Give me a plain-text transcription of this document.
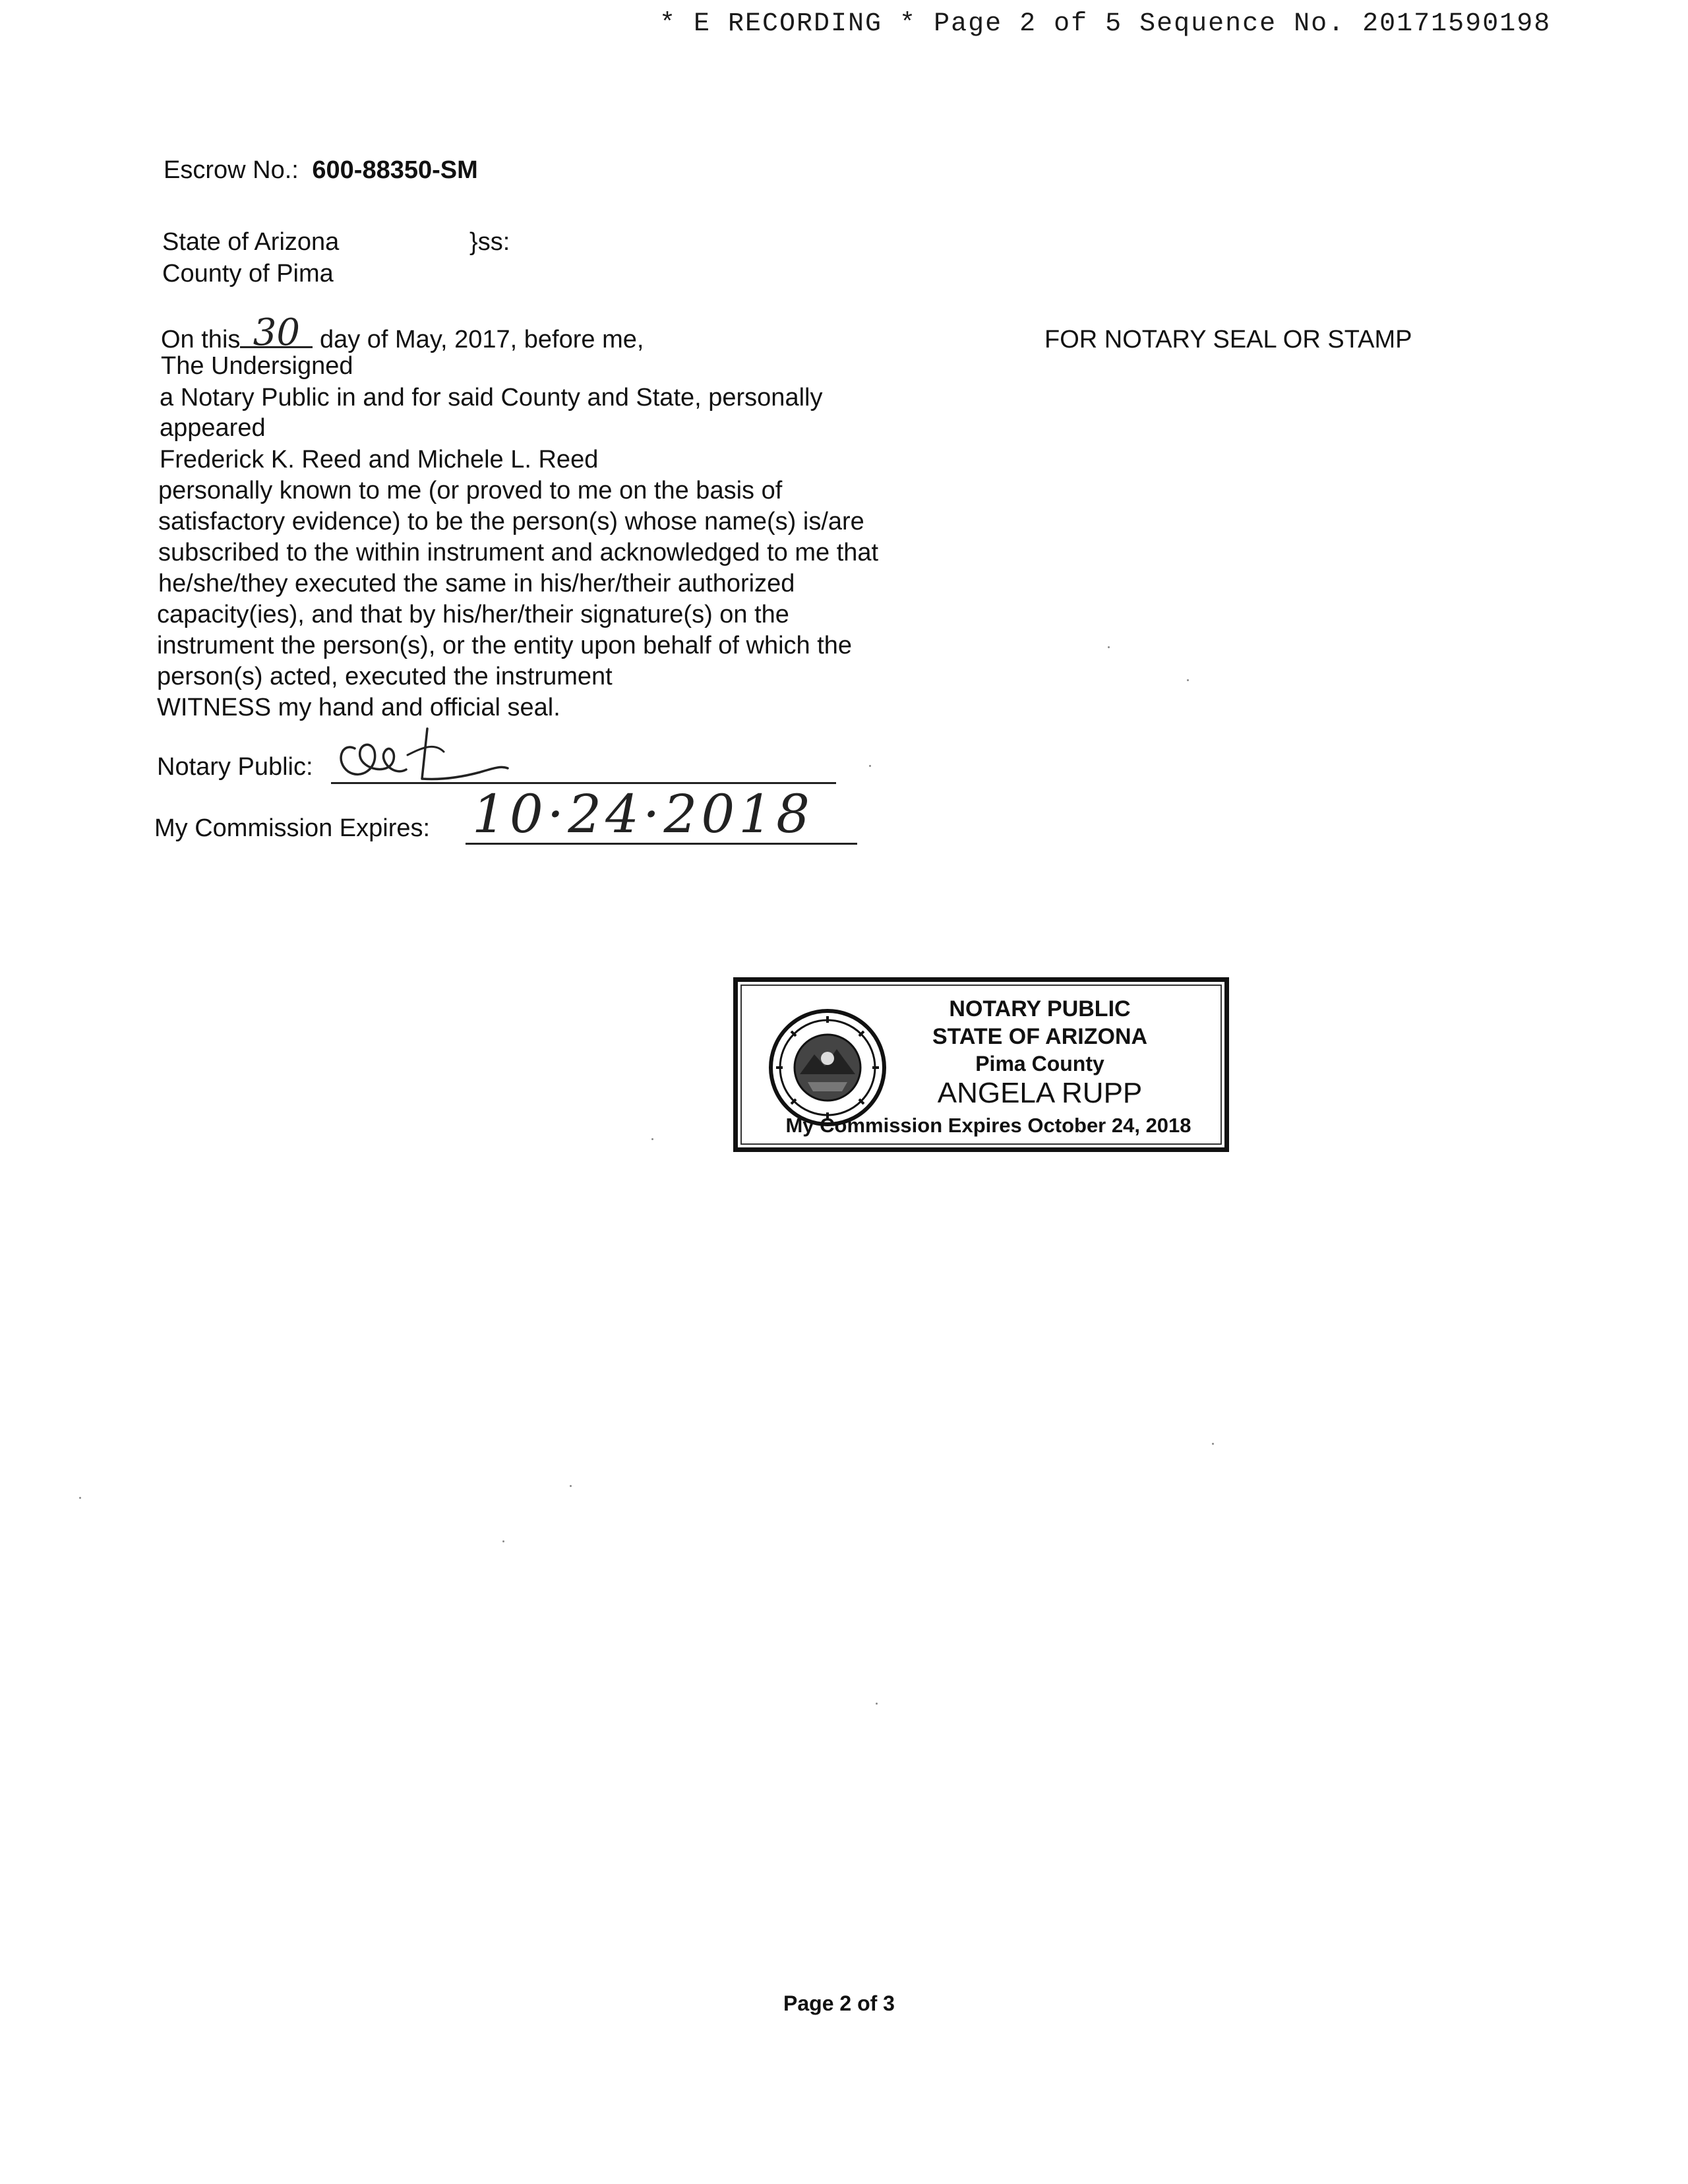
* E RECORDING * Page 2 of 5 Sequence No. 20171590198
Escrow No.: 600-88350-SM
State of Arizona	}ss:
County of Pima
On this 30 day of May, 2017, before me,	FOR NOTARY SEAL OR STAMP
The Undersigned
a Notary Public in and for said County and State, personally
appeared
Frederick K. Reed and Michele L. Reed
personally known to me (or proved to me on the basis of
satisfactory evidence) to be the person(s) whose name(s) is/are
subscribed to the within instrument and acknowledged to me that
he/she/they executed the same in his/her/their authorized
capacity(ies), and that by his/her/their signature(s) on the
instrument the person(s), or the entity upon behalf of which the
person(s) acted, executed the instrument
WITNESS my hand and official seal.
Notary Public:
My Commission Expires: 10·24·2018
NOTARY PUBLIC
STATE OF ARIZONA
Pima County
ANGELA RUPP
My Commission Expires October 24, 2018
Page 2 of 3
